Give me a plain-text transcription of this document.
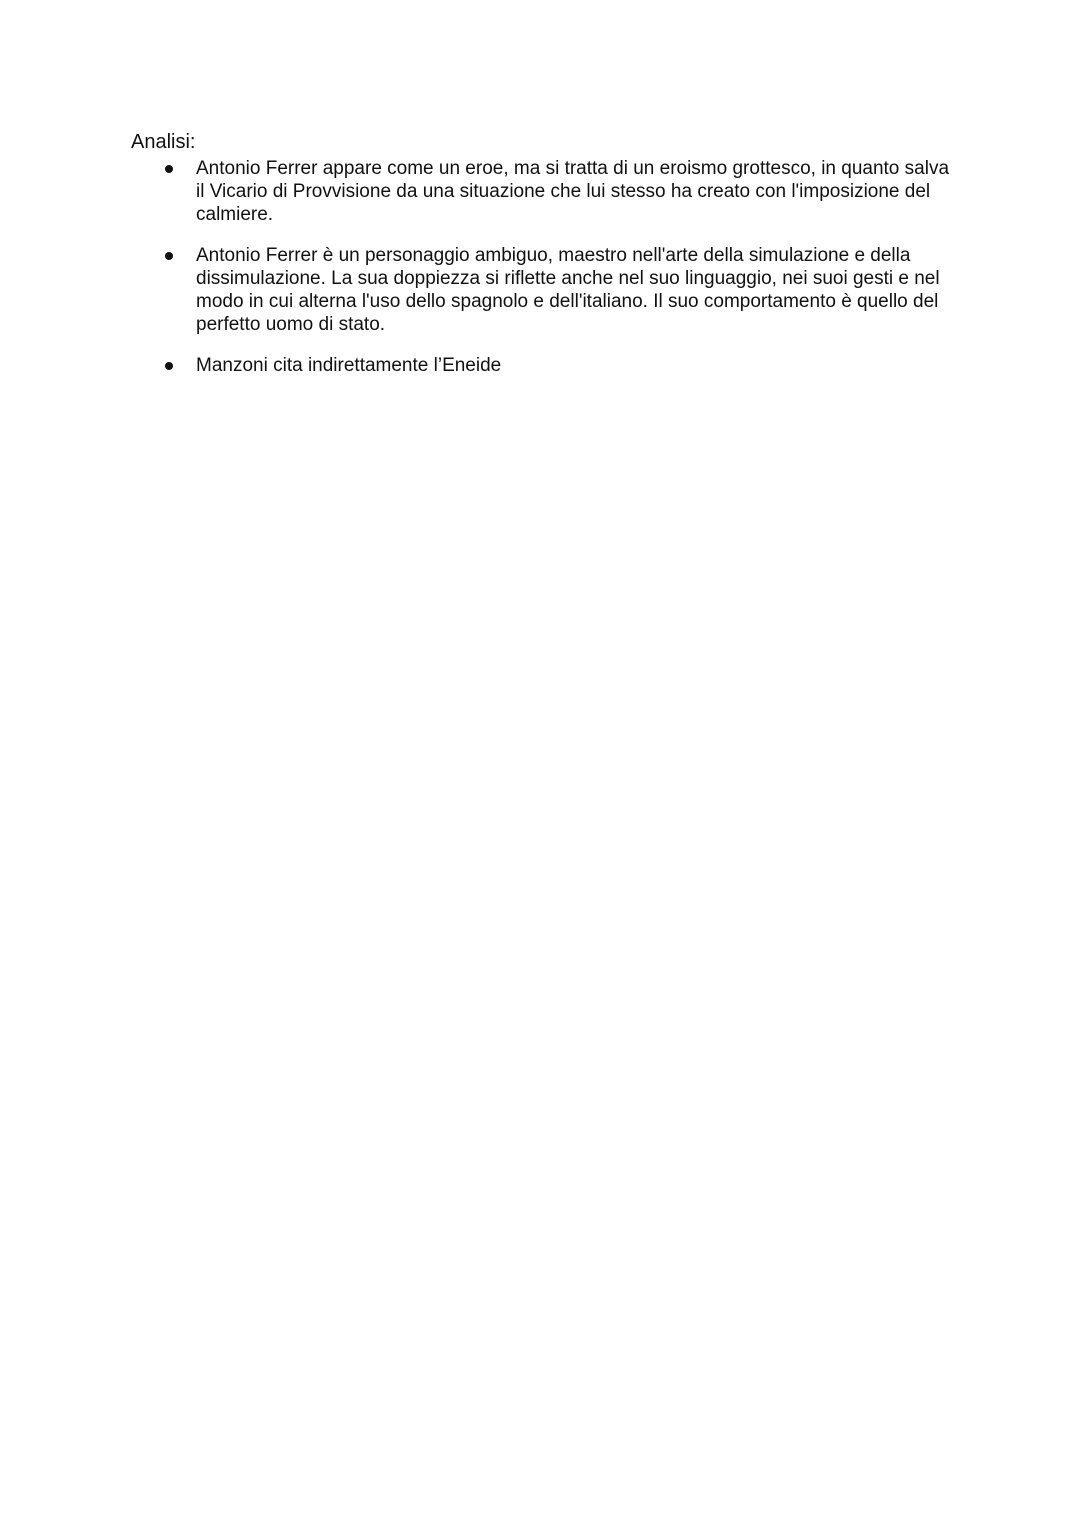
Analisi:

Antonio Ferrer appare come un eroe, ma si tratta di un eroismo grottesco, in quanto salva il Vicario di Provvisione da una situazione che lui stesso ha creato con l'imposizione del calmiere.
Antonio Ferrer è un personaggio ambiguo, maestro nell'arte della simulazione e della dissimulazione. La sua doppiezza si riflette anche nel suo linguaggio, nei suoi gesti e nel modo in cui alterna l'uso dello spagnolo e dell'italiano. Il suo comportamento è quello del perfetto uomo di stato.
Manzoni cita indirettamente l’Eneide
